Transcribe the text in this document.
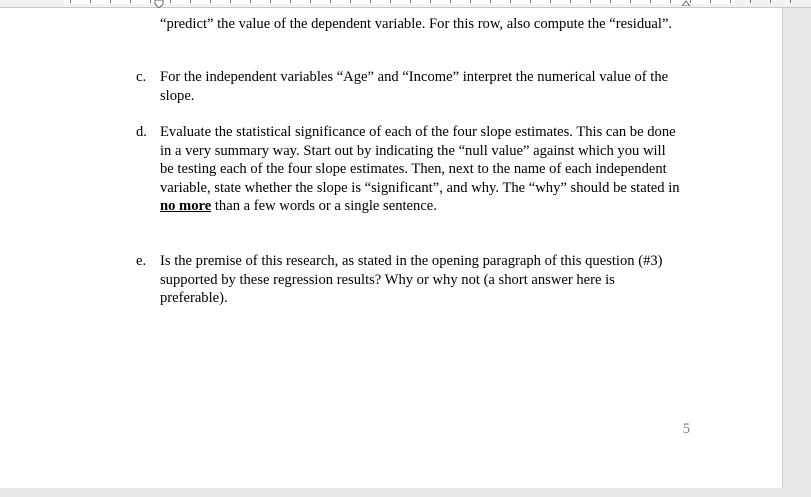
“predict” the value of the dependent variable. For this row, also compute the “residual”.
c. For the independent variables “Age” and “Income” interpret the numerical value of the slope.
d. Evaluate the statistical significance of each of the four slope estimates. This can be done in a very summary way. Start out by indicating the “null value” against which you will be testing each of the four slope estimates. Then, next to the name of each independent variable, state whether the slope is “significant”, and why. The “why” should be stated in no more than a few words or a single sentence.
e. Is the premise of this research, as stated in the opening paragraph of this question (#3) supported by these regression results? Why or why not (a short answer here is preferable).
5
